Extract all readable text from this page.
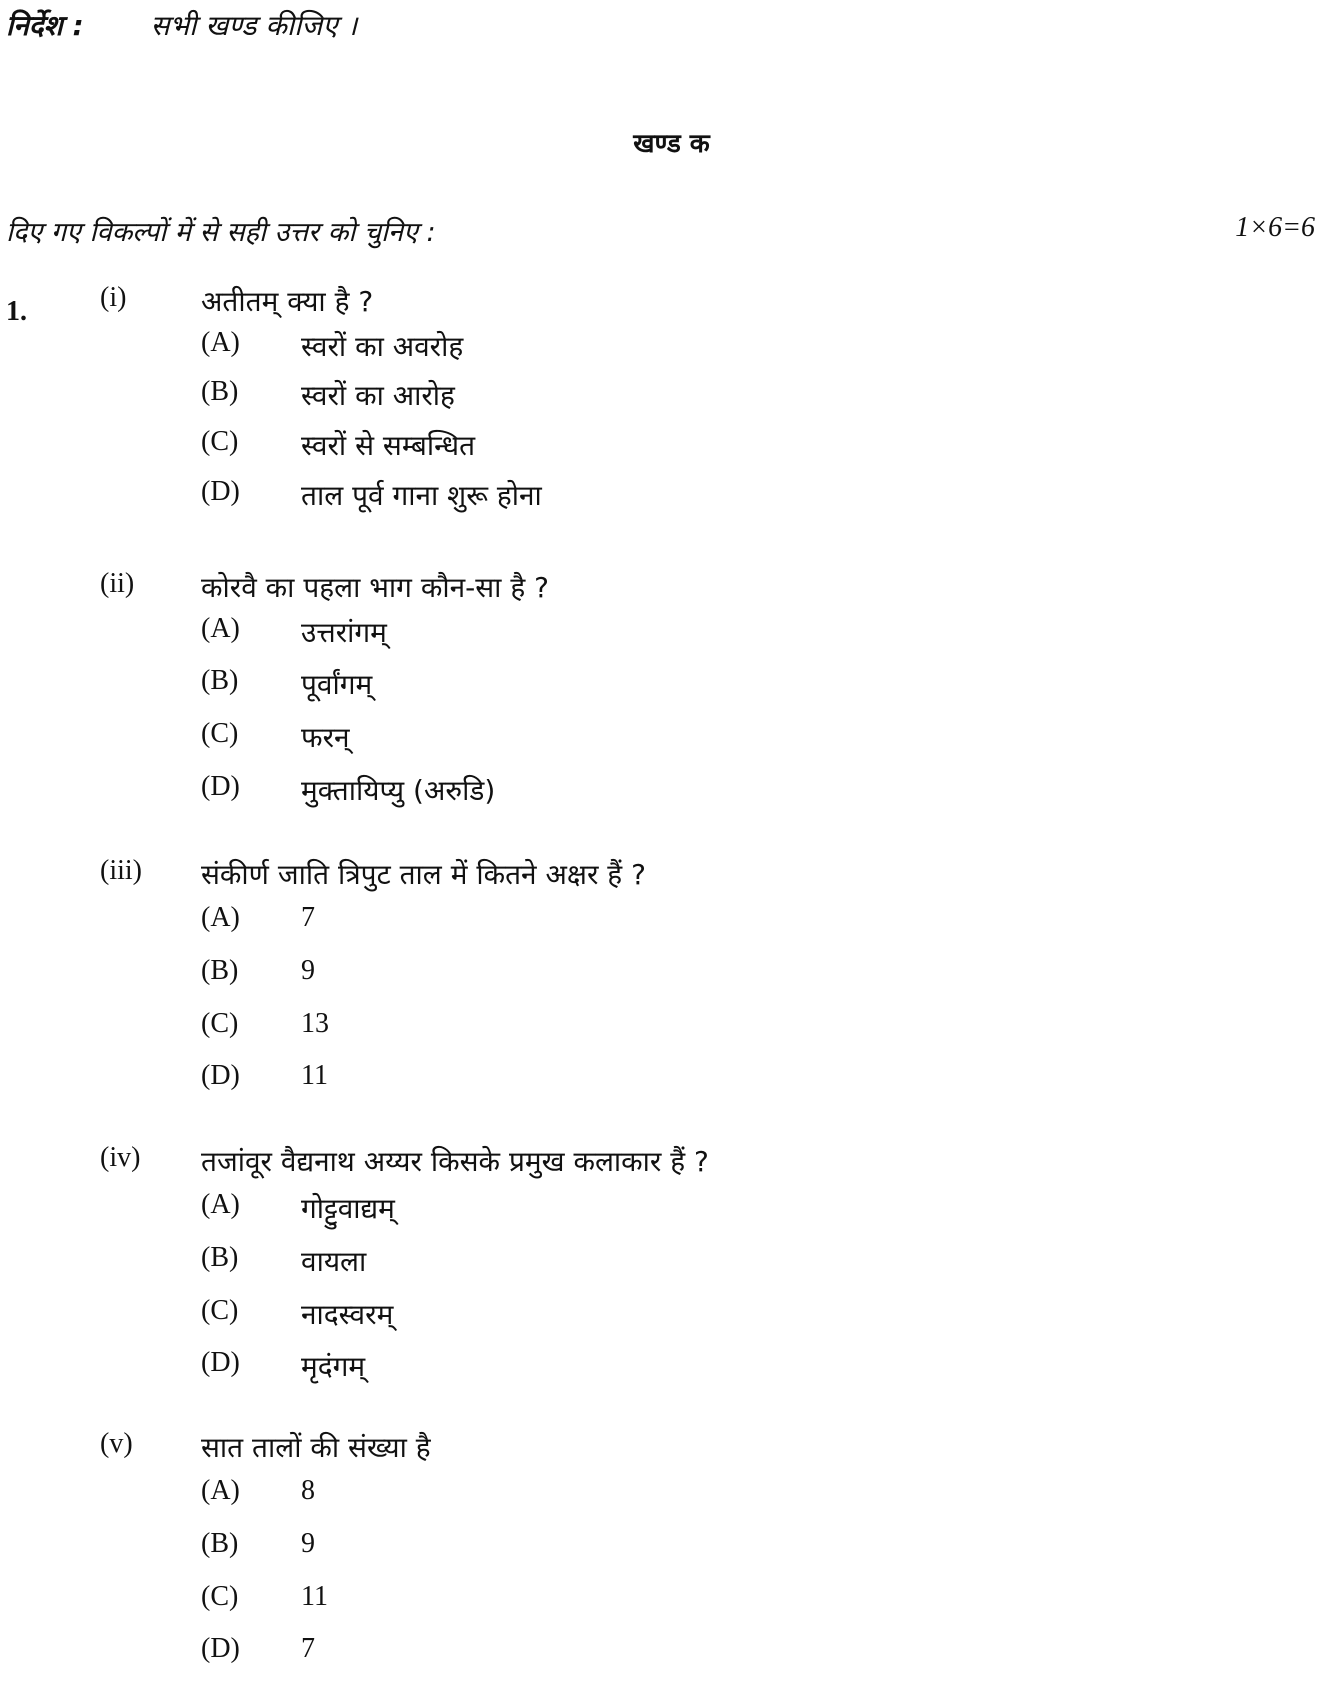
निर्देश : सभी खण्ड कीजिए ।
खण्ड क
दिए गए विकल्पों में से सही उत्तर को चुनिए :	1×6=6
1.	(i)	अतीतम् क्या है ?
(A) स्वरों का अवरोह
(B) स्वरों का आरोह
(C) स्वरों से सम्बन्धित
(D) ताल पूर्व गाना शुरू होना
(ii) कोरवै का पहला भाग कौन-सा है ?
(A) उत्तरांगम्
(B) पूर्वांगम्
(C) फरन्
(D) मुक्तायिप्यु (अरुडि)
(iii) संकीर्ण जाति त्रिपुट ताल में कितने अक्षर हैं ?
(A) 7
(B) 9
(C) 13
(D) 11
(iv) तजांवूर वैद्यनाथ अय्यर किसके प्रमुख कलाकार हैं ?
(A) गोट्टुवाद्यम्
(B) वायला
(C) नादस्वरम्
(D) मृदंगम्
(v) सात तालों की संख्या है
(A) 8
(B) 9
(C) 11
(D) 7
